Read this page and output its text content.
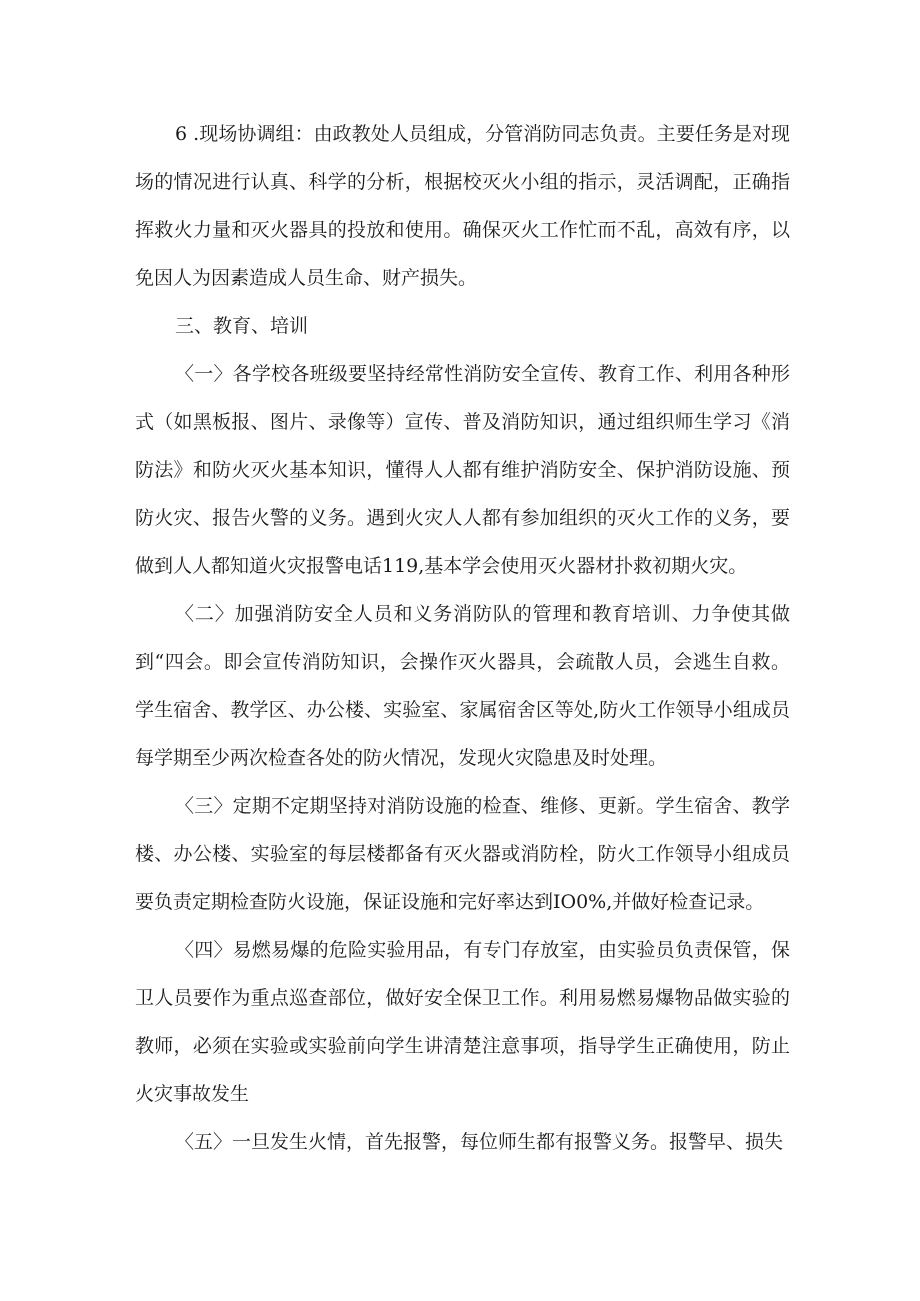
6 .现场协调组：由政教处人员组成，分管消防同志负责。主要任务是对现场的情况进行认真、科学的分析，根据校灭火小组的指示，灵活调配，正确指挥救火力量和灭火器具的投放和使用。确保灭火工作忙而不乱，高效有序，以免因人为因素造成人员生命、财产损失。

三、教育、培训

〈一〉各学校各班级要坚持经常性消防安全宣传、教育工作、利用各种形式（如黑板报、图片、录像等）宣传、普及消防知识，通过组织师生学习《消防法》和防火灭火基本知识，懂得人人都有维护消防安全、保护消防设施、预防火灾、报告火警的义务。遇到火灾人人都有参加组织的灭火工作的义务，要做到人人都知道火灾报警电话119,基本学会使用灭火器材扑救初期火灾。

〈二〉加强消防安全人员和义务消防队的管理和教育培训、力争使其做到“四会。即会宣传消防知识，会操作灭火器具，会疏散人员，会逃生自救。学生宿舍、教学区、办公楼、实验室、家属宿舍区等处,防火工作领导小组成员每学期至少两次检查各处的防火情况，发现火灾隐患及时处理。

〈三〉定期不定期坚持对消防设施的检查、维修、更新。学生宿舍、教学楼、办公楼、实验室的每层楼都备有灭火器或消防栓，防火工作领导小组成员要负责定期检查防火设施，保证设施和完好率达到IO0%,并做好检查记录。

〈四〉易燃易爆的危险实验用品，有专门存放室，由实验员负责保管，保卫人员要作为重点巡查部位，做好安全保卫工作。利用易燃易爆物品做实验的教师，必须在实验或实验前向学生讲清楚注意事项，指导学生正确使用，防止火灾事故发生

〈五〉一旦发生火情，首先报警，每位师生都有报警义务。报警早、损失
